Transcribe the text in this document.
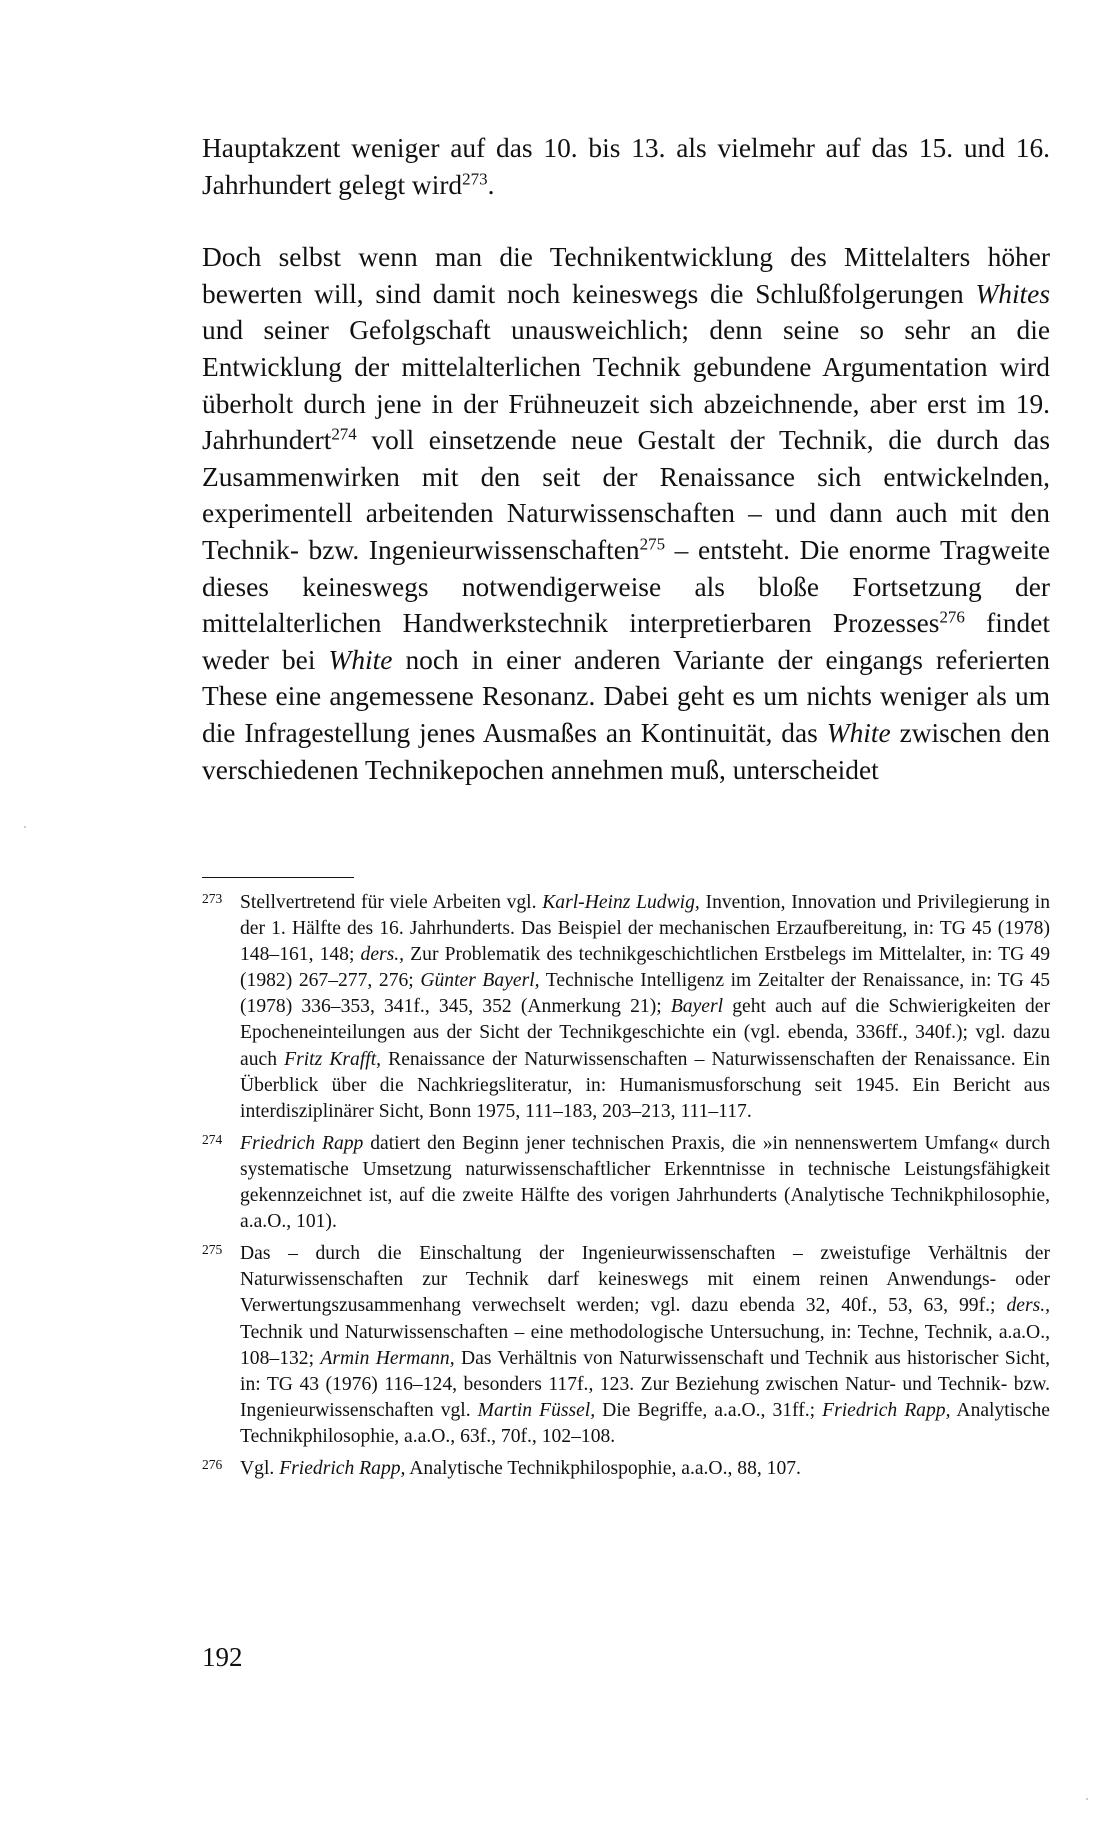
Hauptakzent weniger auf das 10. bis 13. als vielmehr auf das 15. und 16. Jahrhundert gelegt wird$^{273}$.

Doch selbst wenn man die Technikentwicklung des Mittelalters höher bewerten will, sind damit noch keineswegs die Schlußfolgerungen Whites und seiner Gefolgschaft unausweichlich; denn seine so sehr an die Entwicklung der mittelalterlichen Technik gebundene Argumentation wird überholt durch jene in der Frühneuzeit sich abzeichnende, aber erst im 19. Jahrhundert$^{274}$ voll einsetzende neue Gestalt der Technik, die durch das Zusammenwirken mit den seit der Renaissance sich entwickelnden, experimentell arbeitenden Naturwissenschaften – und dann auch mit den Technik- bzw. Ingenieurwissenschaften$^{275}$ – entsteht. Die enorme Tragweite dieses keineswegs notwendigerweise als bloße Fortsetzung der mittelalterlichen Handwerkstechnik interpretierbaren Prozesses$^{276}$ findet weder bei White noch in einer anderen Variante der eingangs referierten These eine angemessene Resonanz. Dabei geht es um nichts weniger als um die Infragestellung jenes Ausmaßes an Kontinuität, das White zwischen den verschiedenen Technikepochen annehmen muß, unterscheidet

273 Stellvertretend für viele Arbeiten vgl. Karl-Heinz Ludwig, Invention, Innovation und Privilegierung in der 1. Hälfte des 16. Jahrhunderts. Das Beispiel der mechanischen Erzaufbereitung, in: TG 45 (1978) 148–161, 148; ders., Zur Problematik des technikgeschichtlichen Erstbelegs im Mittelalter, in: TG 49 (1982) 267–277, 276; Günter Bayerl, Technische Intelligenz im Zeitalter der Renaissance, in: TG 45 (1978) 336–353, 341f., 345, 352 (Anmerkung 21); Bayerl geht auch auf die Schwierigkeiten der Epocheneinteilungen aus der Sicht der Technikgeschichte ein (vgl. ebenda, 336ff., 340f.); vgl. dazu auch Fritz Krafft, Renaissance der Naturwissenschaften – Naturwissenschaften der Renaissance. Ein Überblick über die Nachkriegsliteratur, in: Humanismusforschung seit 1945. Ein Bericht aus interdisziplinärer Sicht, Bonn 1975, 111–183, 203–213, 111–117.
274 Friedrich Rapp datiert den Beginn jener technischen Praxis, die »in nennenswertem Umfang« durch systematische Umsetzung naturwissenschaftlicher Erkenntnisse in technische Leistungsfähigkeit gekennzeichnet ist, auf die zweite Hälfte des vorigen Jahrhunderts (Analytische Technikphilosophie, a.a.O., 101).
275 Das – durch die Einschaltung der Ingenieurwissenschaften – zweistufige Verhältnis der Naturwissenschaften zur Technik darf keineswegs mit einem reinen Anwendungs- oder Verwertungszusammenhang verwechselt werden; vgl. dazu ebenda 32, 40f., 53, 63, 99f.; ders., Technik und Naturwissenschaften – eine methodologische Untersuchung, in: Techne, Technik, a.a.O., 108–132; Armin Hermann, Das Verhältnis von Naturwissenschaft und Technik aus historischer Sicht, in: TG 43 (1976) 116–124, besonders 117f., 123. Zur Beziehung zwischen Natur- und Technik- bzw. Ingenieurwissenschaften vgl. Martin Füssel, Die Begriffe, a.a.O., 31ff.; Friedrich Rapp, Analytische Technikphilosophie, a.a.O., 63f., 70f., 102–108.
276 Vgl. Friedrich Rapp, Analytische Technikphilospophie, a.a.O., 88, 107.
192
